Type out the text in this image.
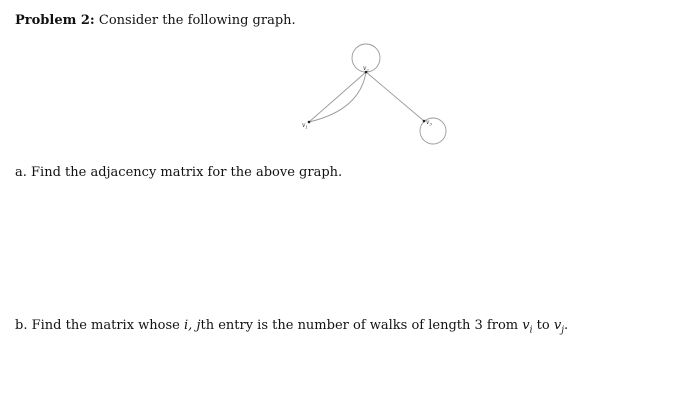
Problem 2: Consider the following graph.
$v_1$
$v_2$
$v_3$
a. Find the adjacency matrix for the above graph.
b. Find the matrix whose i, jth entry is the number of walks of length 3 from $v_i$ to $v_j$.
